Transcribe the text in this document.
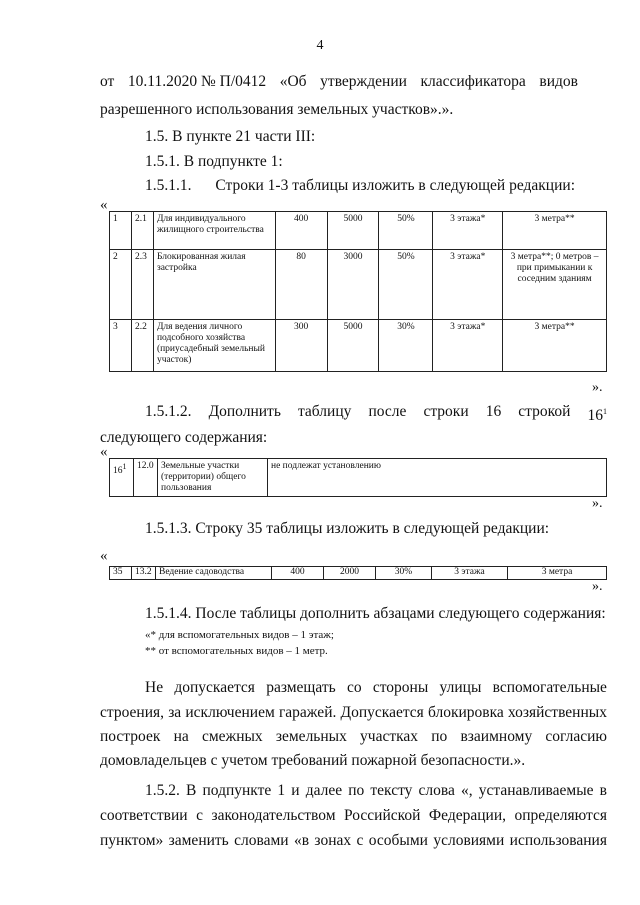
4
от 10.11.2020 № П/0412 «Об утверждении классификатора видов
разрешенного использования земельных участков».».
1.5. В пункте 21 части III:
1.5.1. В подпункте 1:
1.5.1.1. Строки 1-3 таблицы изложить в следующей редакции:
«
1	2.1	Для индивидуального жилищного строительства	400	5000	50%	3 этажа*	3 метра**
2	2.3	Блокированная жилая застройка	80	3000	50%	3 этажа*	3 метра**; 0 метров – при примыкании к соседним зданиям
3	2.2	Для ведения личного подсобного хозяйства (приусадебный земельный участок)	300	5000	30%	3 этажа*	3 метра**
».
1.5.1.2. Дополнить таблицу после строки 16 строкой $16^1$
следующего содержания:
«
$16^1$	12.0	Земельные участки (территории) общего пользования	не подлежат установлению
».
1.5.1.3. Строку 35 таблицы изложить в следующей редакции:
«
35	13.2	Ведение садоводства	400	2000	30%	3 этажа	3 метра
».
1.5.1.4. После таблицы дополнить абзацами следующего содержания:
«* для вспомогательных видов – 1 этаж;
** от вспомогательных видов – 1 метр.
Не допускается размещать со стороны улицы вспомогательные
строения, за исключением гаражей. Допускается блокировка хозяйственных
построек на смежных земельных участках по взаимному согласию
домовладельцев с учетом требований пожарной безопасности.».
1.5.2. В подпункте 1 и далее по тексту слова «, устанавливаемые в
соответствии с законодательством Российской Федерации, определяются
пунктом» заменить словами «в зонах с особыми условиями использования
